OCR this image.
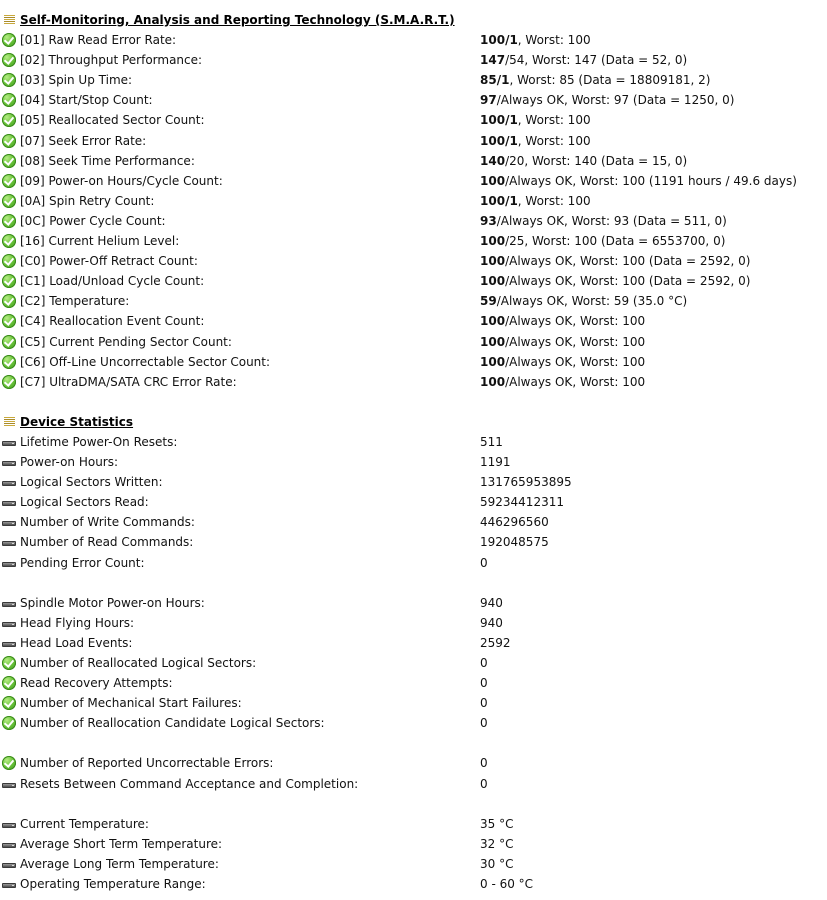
Self-Monitoring, Analysis and Reporting Technology (S.M.A.R.T.)
[01] Raw Read Error Rate:	100/1, Worst: 100
[02] Throughput Performance:	147/54, Worst: 147 (Data = 52, 0)
[03] Spin Up Time:	85/1, Worst: 85 (Data = 18809181, 2)
[04] Start/Stop Count:	97/Always OK, Worst: 97 (Data = 1250, 0)
[05] Reallocated Sector Count:	100/1, Worst: 100
[07] Seek Error Rate:	100/1, Worst: 100
[08] Seek Time Performance:	140/20, Worst: 140 (Data = 15, 0)
[09] Power-on Hours/Cycle Count:	100/Always OK, Worst: 100 (1191 hours / 49.6 days)
[0A] Spin Retry Count:	100/1, Worst: 100
[0C] Power Cycle Count:	93/Always OK, Worst: 93 (Data = 511, 0)
[16] Current Helium Level:	100/25, Worst: 100 (Data = 6553700, 0)
[C0] Power-Off Retract Count:	100/Always OK, Worst: 100 (Data = 2592, 0)
[C1] Load/Unload Cycle Count:	100/Always OK, Worst: 100 (Data = 2592, 0)
[C2] Temperature:	59/Always OK, Worst: 59 (35.0 °C)
[C4] Reallocation Event Count:	100/Always OK, Worst: 100
[C5] Current Pending Sector Count:	100/Always OK, Worst: 100
[C6] Off-Line Uncorrectable Sector Count:	100/Always OK, Worst: 100
[C7] UltraDMA/SATA CRC Error Rate:	100/Always OK, Worst: 100
Device Statistics
Lifetime Power-On Resets:	511
Power-on Hours:	1191
Logical Sectors Written:	131765953895
Logical Sectors Read:	59234412311
Number of Write Commands:	446296560
Number of Read Commands:	192048575
Pending Error Count:	0
Spindle Motor Power-on Hours:	940
Head Flying Hours:	940
Head Load Events:	2592
Number of Reallocated Logical Sectors:	0
Read Recovery Attempts:	0
Number of Mechanical Start Failures:	0
Number of Reallocation Candidate Logical Sectors:	0
Number of Reported Uncorrectable Errors:	0
Resets Between Command Acceptance and Completion:	0
Current Temperature:	35 °C
Average Short Term Temperature:	32 °C
Average Long Term Temperature:	30 °C
Operating Temperature Range:	0 - 60 °C
